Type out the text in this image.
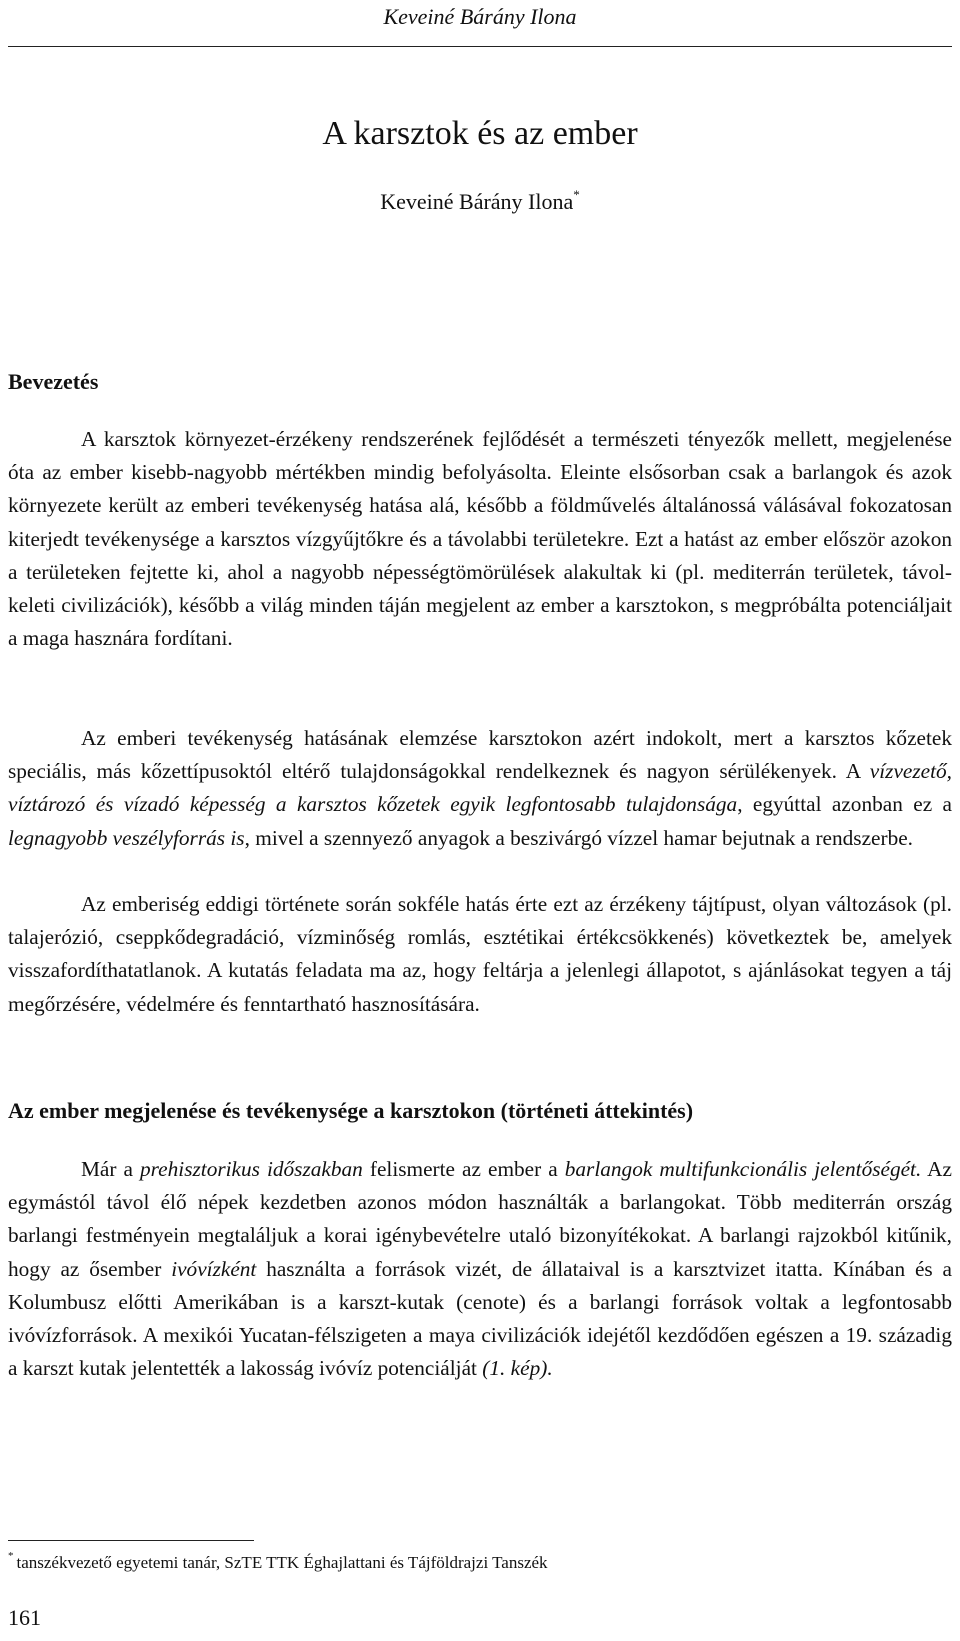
Keveiné Bárány Ilona
A karsztok és az ember
Keveiné Bárány Ilona*
Bevezetés

A karsztok környezet-érzékeny rendszerének fejlődését a természeti tényezők mellett, megjelenése óta az ember kisebb-nagyobb mértékben mindig befolyásolta. Eleinte elsősorban csak a barlangok és azok környezete került az emberi tevékenység hatása alá, később a földművelés általánossá válásával fokozatosan kiterjedt tevékenysége a karsztos vízgyűjtőkre és a távolabbi területekre. Ezt a hatást az ember először azokon a területeken fejtette ki, ahol a nagyobb népességtömörülések alakultak ki (pl. mediterrán területek, távol-keleti civilizációk), később a világ minden táján megjelent az ember a karsztokon, s megpróbálta potenciáljait a maga hasznára fordítani.

Az emberi tevékenység hatásának elemzése karsztokon azért indokolt, mert a karsztos kőzetek speciális, más kőzettípusoktól eltérő tulajdonságokkal rendelkeznek és nagyon sérülékenyek. A vízvezető, víztározó és vízadó képesség a karsztos kőzetek egyik legfontosabb tulajdonsága, egyúttal azonban ez a legnagyobb veszélyforrás is, mivel a szennyező anyagok a beszivárgó vízzel hamar bejutnak a rendszerbe.

Az emberiség eddigi története során sokféle hatás érte ezt az érzékeny tájtípust, olyan változások (pl. talajerózió, cseppkődegradáció, vízminőség romlás, esztétikai értékcsökkenés) következtek be, amelyek visszafordíthatatlanok. A kutatás feladata ma az, hogy feltárja a jelenlegi állapotot, s ajánlásokat tegyen a táj megőrzésére, védelmére és fenntartható hasznosítására.

Az ember megjelenése és tevékenysége a karsztokon (történeti áttekintés)

Már a prehisztorikus időszakban felismerte az ember a barlangok multifunkcionális jelentőségét. Az egymástól távol élő népek kezdetben azonos módon használták a barlangokat. Több mediterrán ország barlangi festményein megtaláljuk a korai igénybevételre utaló bizonyítékokat. A barlangi rajzokból kitűnik, hogy az ősember ivóvízként használta a források vizét, de állataival is a karsztvizet itatta. Kínában és a Kolumbusz előtti Amerikában is a karszt-kutak (cenote) és a barlangi források voltak a legfontosabb ivóvízforrások. A mexikói Yucatan-félszigeten a maya civilizációk idejétől kezdődően egészen a 19. századig a karszt kutak jelentették a lakosság ivóvíz potenciálját (1. kép).

* tanszékvezető egyetemi tanár, SzTE TTK Éghajlattani és Tájföldrajzi Tanszék
161
